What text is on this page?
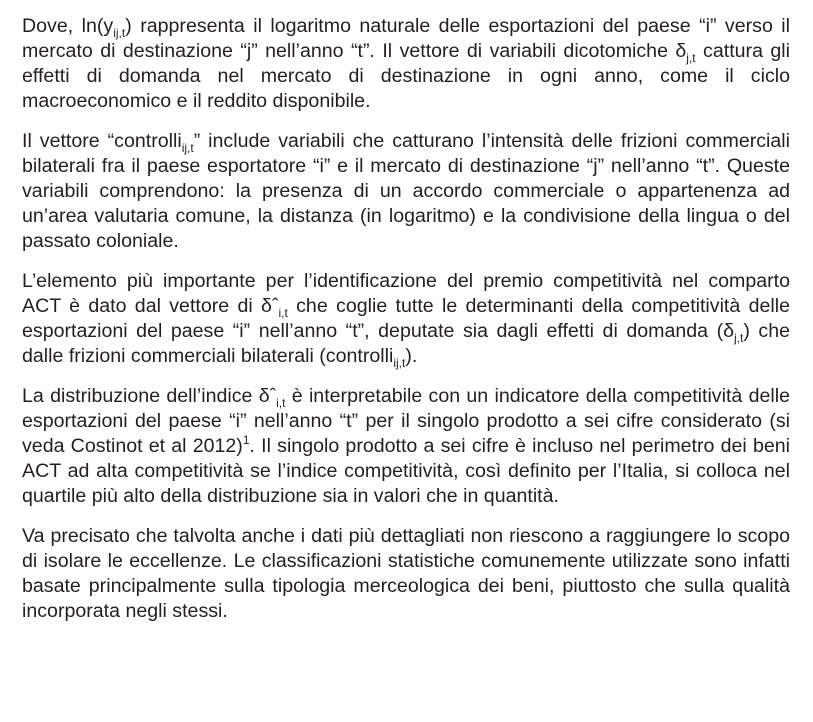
Dove, $\ln(y_{ij,t})$ rappresenta il logaritmo naturale delle esportazioni del paese “i” verso il mercato di destinazione “j” nell’anno “t”. Il vettore di variabili dicotomiche $\delta_{j,t}$ cattura gli effetti di domanda nel mercato di destinazione in ogni anno, come il ciclo macroeconomico e il reddito disponibile.

Il vettore “controlli$_{ij,t}$” include variabili che catturano l’intensità delle frizioni commerciali bilaterali fra il paese esportatore “i” e il mercato di destinazione “j” nell’anno “t”. Queste variabili comprendono: la presenza di un accordo commerciale o appartenenza ad un’area valutaria comune, la distanza (in logaritmo) e la condivisione della lingua o del passato coloniale.

L’elemento più importante per l’identificazione del premio competitività nel comparto ACT è dato dal vettore di δˆ$_{i,t}$ che coglie tutte le determinanti della competitività delle esportazioni del paese “i” nell’anno “t”, deputate sia dagli effetti di domanda $(\delta_{j,t})$ che dalle frizioni commerciali bilaterali (controlli$_{ij,t}$).

La distribuzione dell’indice δˆ$_{i,t}$ è interpretabile con un indicatore della competitività delle esportazioni del paese “i” nell’anno “t” per il singolo prodotto a sei cifre considerato (si veda Costinot et al 2012)$^1$. Il singolo prodotto a sei cifre è incluso nel perimetro dei beni ACT ad alta competitività se l’indice competitività, così definito per l’Italia, si colloca nel quartile più alto della distribuzione sia in valori che in quantità.

Va precisato che talvolta anche i dati più dettagliati non riescono a raggiungere lo scopo di isolare le eccellenze. Le classificazioni statistiche comunemente utilizzate sono infatti basate principalmente sulla tipologia merceologica dei beni, piuttosto che sulla qualità incorporata negli stessi.
